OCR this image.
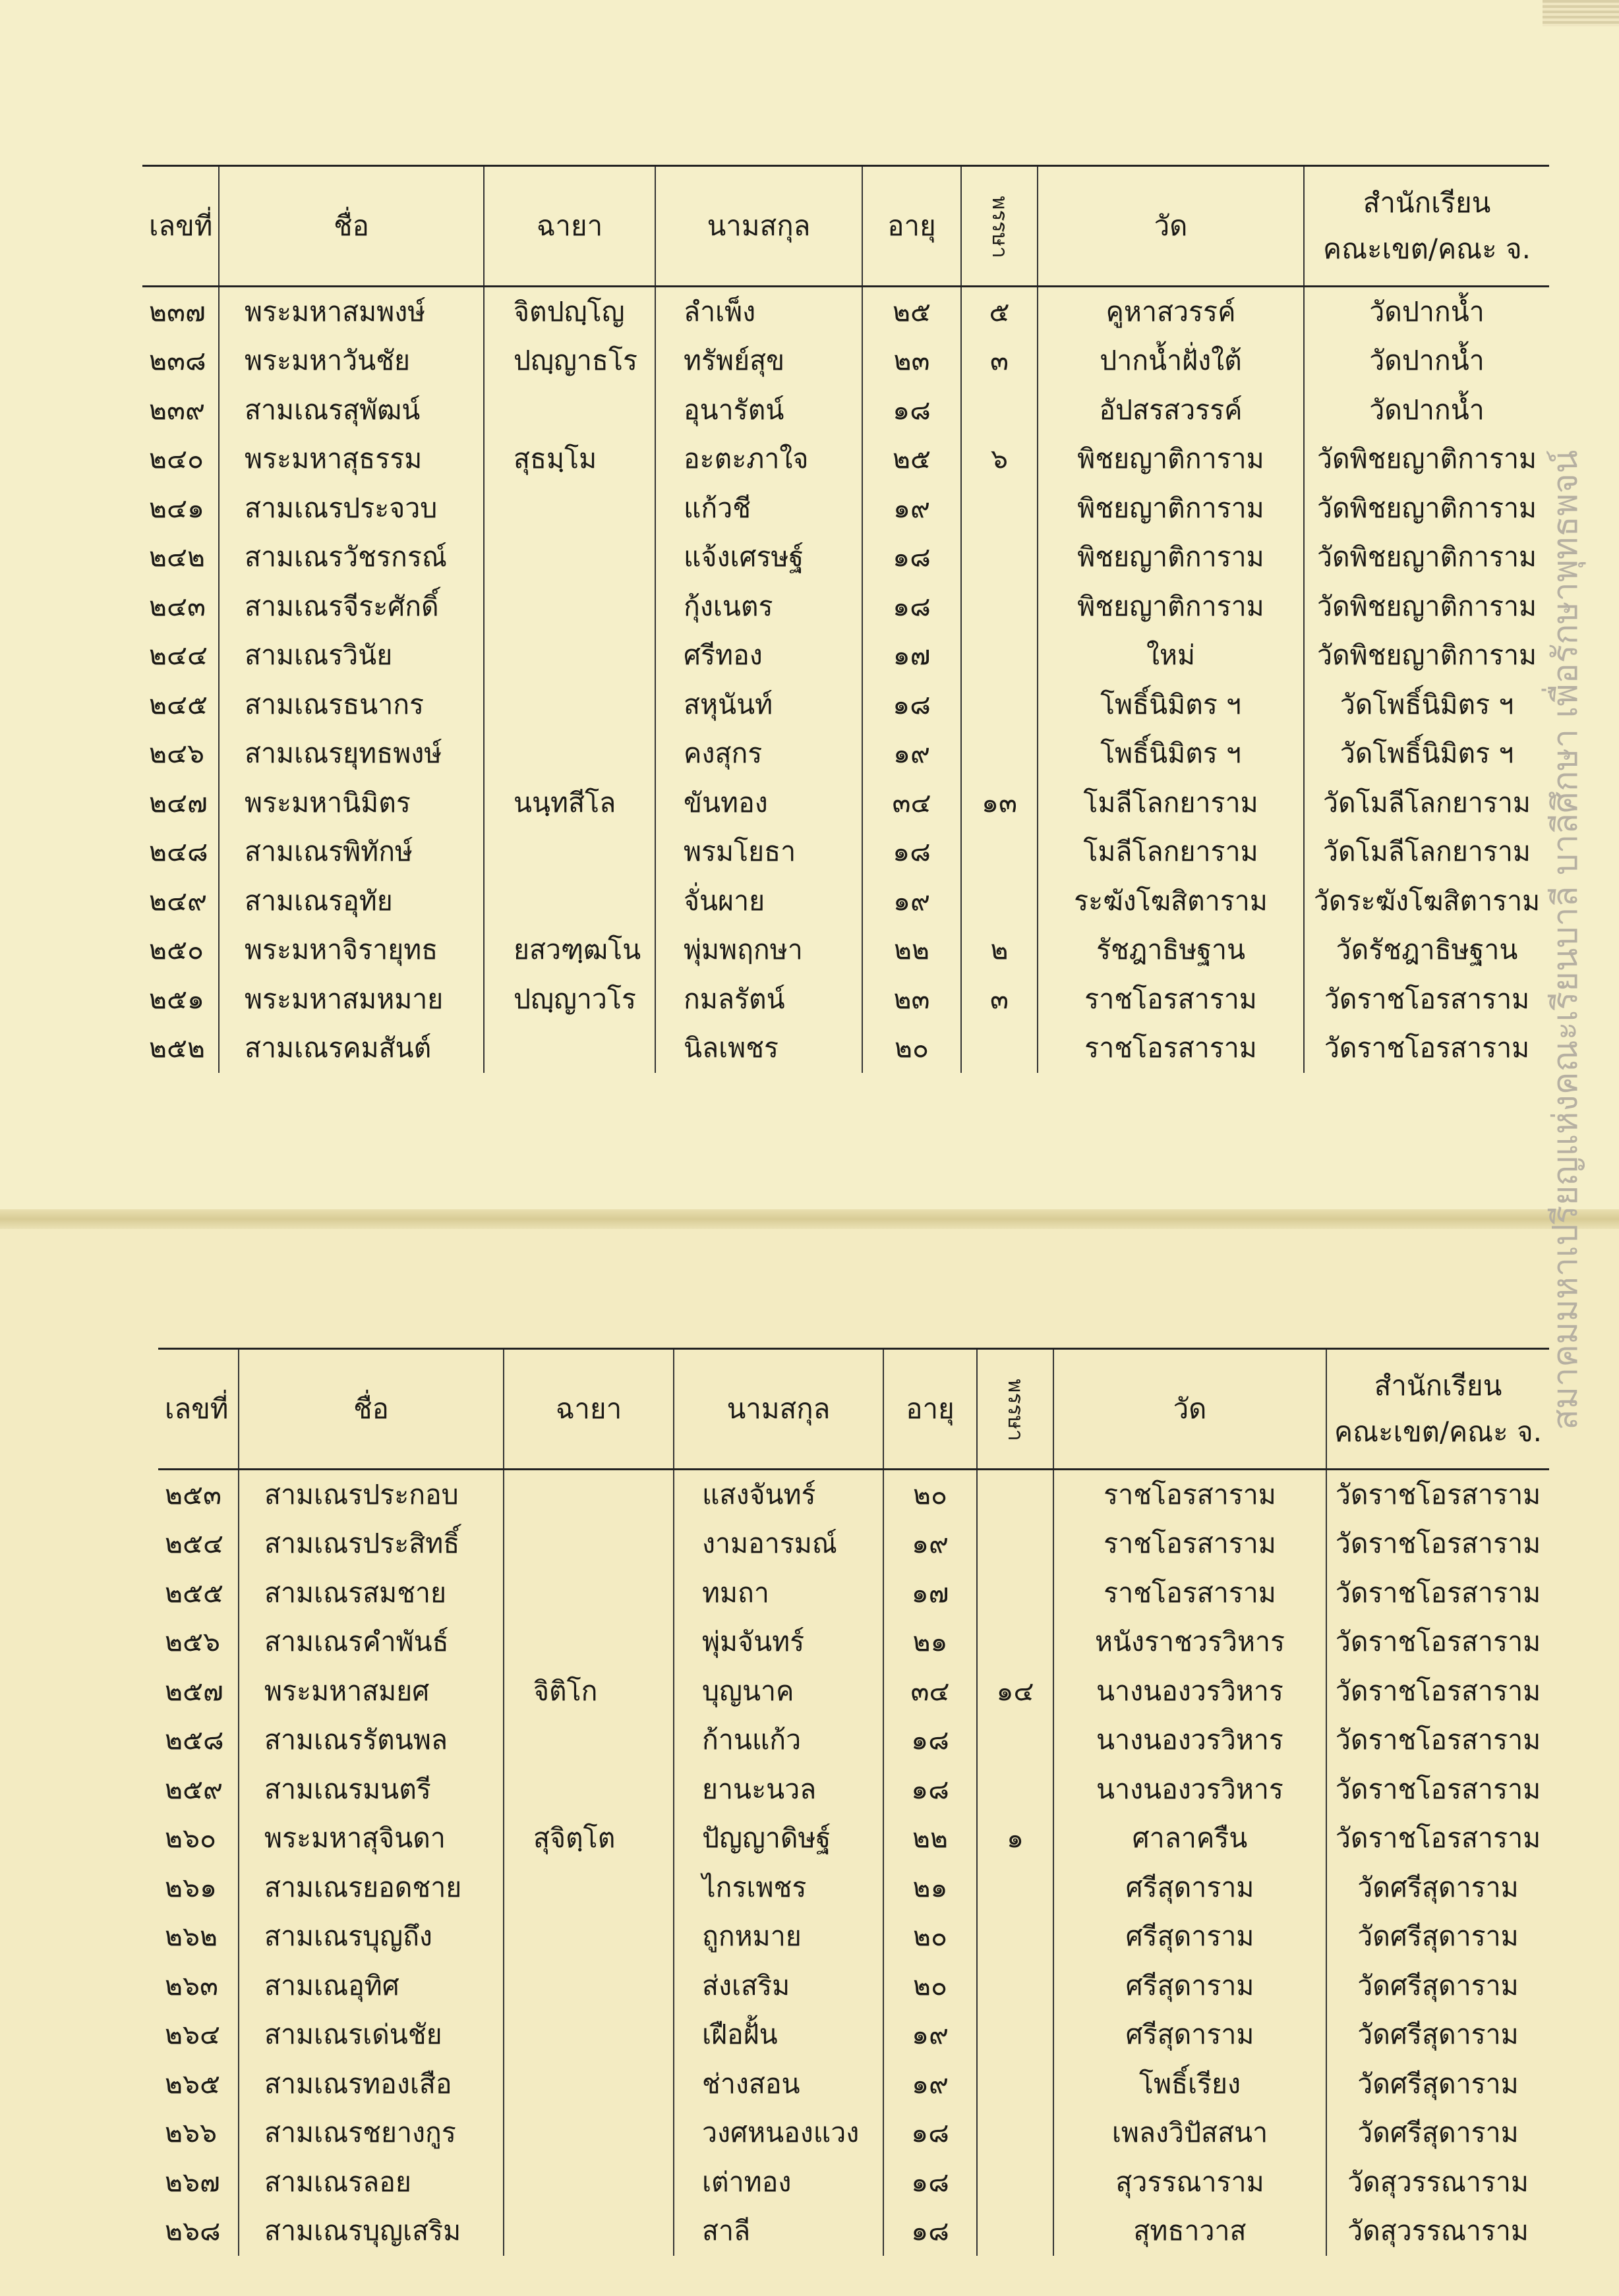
เลขที่	ชื่อ	ฉายา	นามสกุล	อายุ	พรรษา	วัด	สำนักเรียน
คณะเขต/คณะ จ.

๒๓๗	พระมหาสมพงษ์	จิตปญฺโญ	ลำเพ็ง	๒๕	๕	คูหาสวรรค์	วัดปากน้ำ
๒๓๘	พระมหาวันชัย	ปญฺญาธโร	ทรัพย์สุข	๒๓	๓	ปากน้ำฝั่งใต้	วัดปากน้ำ
๒๓๙	สามเณรสุพัฒน์		อุนารัตน์	๑๘		อัปสรสวรรค์	วัดปากน้ำ
๒๔๐	พระมหาสุธรรม	สุธมฺโม	อะตะภาใจ	๒๕	๖	พิชยญาติการาม	วัดพิชยญาติการาม
๒๔๑	สามเณรประจวบ		แก้วชี	๑๙		พิชยญาติการาม	วัดพิชยญาติการาม
๒๔๒	สามเณรวัชรกรณ์		แจ้งเศรษฐ์	๑๘		พิชยญาติการาม	วัดพิชยญาติการาม
๒๔๓	สามเณรจีระศักดิ์		กุ้งเนตร	๑๘		พิชยญาติการาม	วัดพิชยญาติการาม
๒๔๔	สามเณรวินัย		ศรีทอง	๑๗		ใหม่	วัดพิชยญาติการาม
๒๔๕	สามเณรธนากร		สหุนันท์	๑๘		โพธิ์นิมิตร ฯ	วัดโพธิ์นิมิตร ฯ
๒๔๖	สามเณรยุทธพงษ์		คงสุกร	๑๙		โพธิ์นิมิตร ฯ	วัดโพธิ์นิมิตร ฯ
๒๔๗	พระมหานิมิตร	นนฺทสีโล	ขันทอง	๓๔	๑๓	โมลีโลกยาราม	วัดโมลีโลกยาราม
๒๔๘	สามเณรพิทักษ์		พรมโยธา	๑๘		โมลีโลกยาราม	วัดโมลีโลกยาราม
๒๔๙	สามเณรอุทัย		จั่นผาย	๑๙		ระฆังโฆสิตาราม	วัดระฆังโฆสิตาราม
๒๕๐	พระมหาจิรายุทธ	ยสวฑฺฒโน	พุ่มพฤกษา	๒๒	๒	รัชฎาธิษฐาน	วัดรัชฎาธิษฐาน
๒๕๑	พระมหาสมหมาย	ปญฺญาวโร	กมลรัตน์	๒๓	๓	ราชโอรสาราม	วัดราชโอรสาราม
๒๕๒	สามเณรคมสันต์		นิลเพชร	๒๐		ราชโอรสาราม	วัดราชโอรสาราม
เลขที่	ชื่อ	ฉายา	นามสกุล	อายุ	พรรษา	วัด	สำนักเรียน
คณะเขต/คณะ จ.

๒๕๓	สามเณรประกอบ		แสงจันทร์	๒๐		ราชโอรสาราม	วัดราชโอรสาราม
๒๕๔	สามเณรประสิทธิ์		งามอารมณ์	๑๙		ราชโอรสาราม	วัดราชโอรสาราม
๒๕๕	สามเณรสมชาย		ทมถา	๑๗		ราชโอรสาราม	วัดราชโอรสาราม
๒๕๖	สามเณรคำพันธ์		พุ่มจันทร์	๒๑		หนังราชวรวิหาร	วัดราชโอรสาราม
๒๕๗	พระมหาสมยศ	จิติโก	บุญนาค	๓๔	๑๔	นางนองวรวิหาร	วัดราชโอรสาราม
๒๕๘	สามเณรรัตนพล		ก้านแก้ว	๑๘		นางนองวรวิหาร	วัดราชโอรสาราม
๒๕๙	สามเณรมนตรี		ยานะนวล	๑๘		นางนองวรวิหาร	วัดราชโอรสาราม
๒๖๐	พระมหาสุจินดา	สุจิตฺโต	ปัญญาดิษฐ์	๒๒	๑	ศาลาครืน	วัดราชโอรสาราม
๒๖๑	สามเณรยอดชาย		ไกรเพชร	๒๑		ศรีสุดาราม	วัดศรีสุดาราม
๒๖๒	สามเณรบุญถึง		ถูกหมาย	๒๐		ศรีสุดาราม	วัดศรีสุดาราม
๒๖๓	สามเณอุทิศ		ส่งเสริม	๒๐		ศรีสุดาราม	วัดศรีสุดาราม
๒๖๔	สามเณรเด่นชัย		เฝือฝั้น	๑๙		ศรีสุดาราม	วัดศรีสุดาราม
๒๖๕	สามเณรทองเสือ		ช่างสอน	๑๙		โพธิ์เรียง	วัดศรีสุดาราม
๒๖๖	สามเณรชยางกูร		วงศหนองแวง	๑๘		เพลงวิปัสสนา	วัดศรีสุดาราม
๒๖๗	สามเณรลอย		เต่าทอง	๑๘		สุวรรณาราม	วัดสุวรรณาราม
๒๖๘	สามเณรบุญเสริม		สาลี	๑๘		สุทธาวาส	วัดสุวรรณาราม
สมาคมมหาเปรียญแห่งคณะเรียนบาลี บาลีศึกษา เพื่อรักษาพุทธพจน์
